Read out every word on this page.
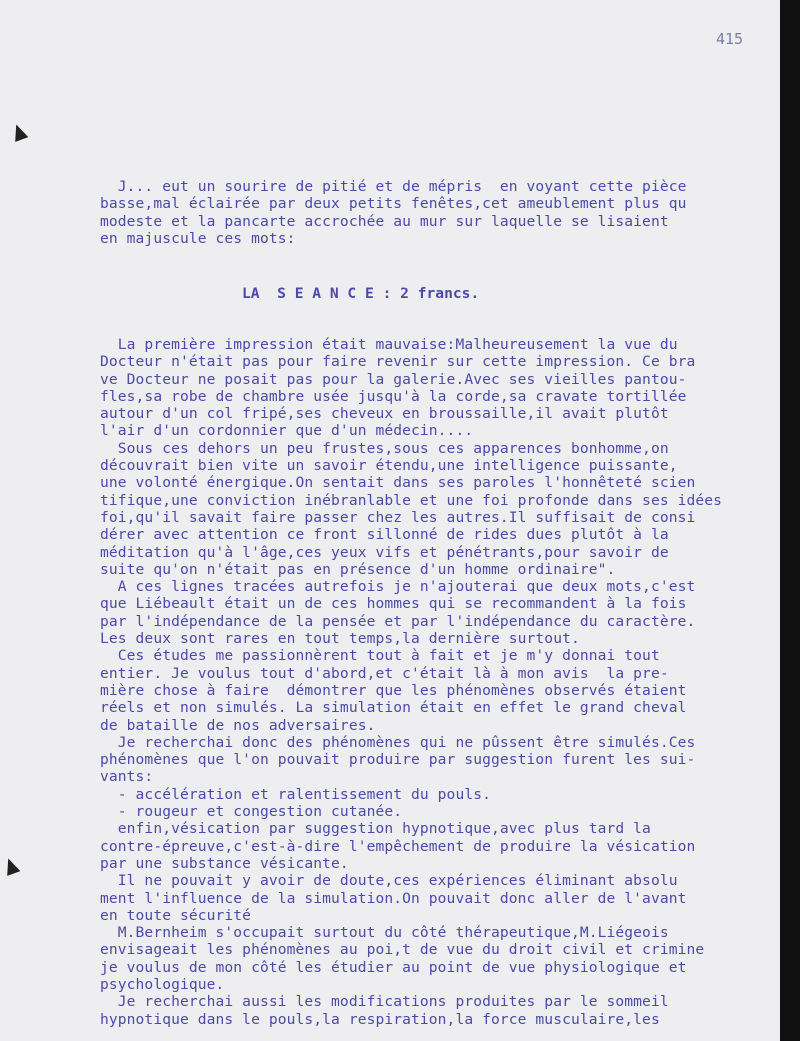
415
J... eut un sourire de pitié et de mépris  en voyant cette pièce
basse,mal éclairée par deux petits fenêtes,cet ameublement plus qu
modeste et la pancarte accrochée au mur sur laquelle se lisaient
en majuscule ces mots:
LA  S E A N C E : 2 francs.
La première impression était mauvaise:Malheureusement la vue du
Docteur n'était pas pour faire revenir sur cette impression. Ce bra
ve Docteur ne posait pas pour la galerie.Avec ses vieilles pantou-
fles,sa robe de chambre usée jusqu'à la corde,sa cravate tortillée
autour d'un col fripé,ses cheveux en broussaille,il avait plutôt
l'air d'un cordonnier que d'un médecin....
Sous ces dehors un peu frustes,sous ces apparences bonhomme,on
découvrait bien vite un savoir étendu,une intelligence puissante,
une volonté énergique.On sentait dans ses paroles l'honnêteté scien
tifique,une conviction inébranlable et une foi profonde dans ses idées
foi,qu'il savait faire passer chez les autres.Il suffisait de consi
dérer avec attention ce front sillonné de rides dues plutôt à la
méditation qu'à l'âge,ces yeux vifs et pénétrants,pour savoir de
suite qu'on n'était pas en présence d'un homme ordinaire".
A ces lignes tracées autrefois je n'ajouterai que deux mots,c'est
que Liébeault était un de ces hommes qui se recommandent à la fois
par l'indépendance de la pensée et par l'indépendance du caractère.
Les deux sont rares en tout temps,la dernière surtout.
Ces études me passionnèrent tout à fait et je m'y donnai tout
entier. Je voulus tout d'abord,et c'était là à mon avis  la pre-
mière chose à faire  démontrer que les phénomènes observés étaient
réels et non simulés. La simulation était en effet le grand cheval
de bataille de nos adversaires.
Je recherchai donc des phénomènes qui ne pûssent être simulés.Ces
phénomènes que l'on pouvait produire par suggestion furent les sui-
vants:
- accélération et ralentissement du pouls.
- rougeur et congestion cutanée.
enfin,vésication par suggestion hypnotique,avec plus tard la
contre-épreuve,c'est-à-dire l'empêchement de produire la vésication
par une substance vésicante.
Il ne pouvait y avoir de doute,ces expériences éliminant absolu
ment l'influence de la simulation.On pouvait donc aller de l'avant
en toute sécurité
M.Bernheim s'occupait surtout du côté thérapeutique,M.Liégeois
envisageait les phénomènes au poi,t de vue du droit civil et crimine
je voulus de mon côté les étudier au point de vue physiologique et
psychologique.
Je recherchai aussi les modifications produites par le sommeil
hypnotique dans le pouls,la respiration,la force musculaire,les
